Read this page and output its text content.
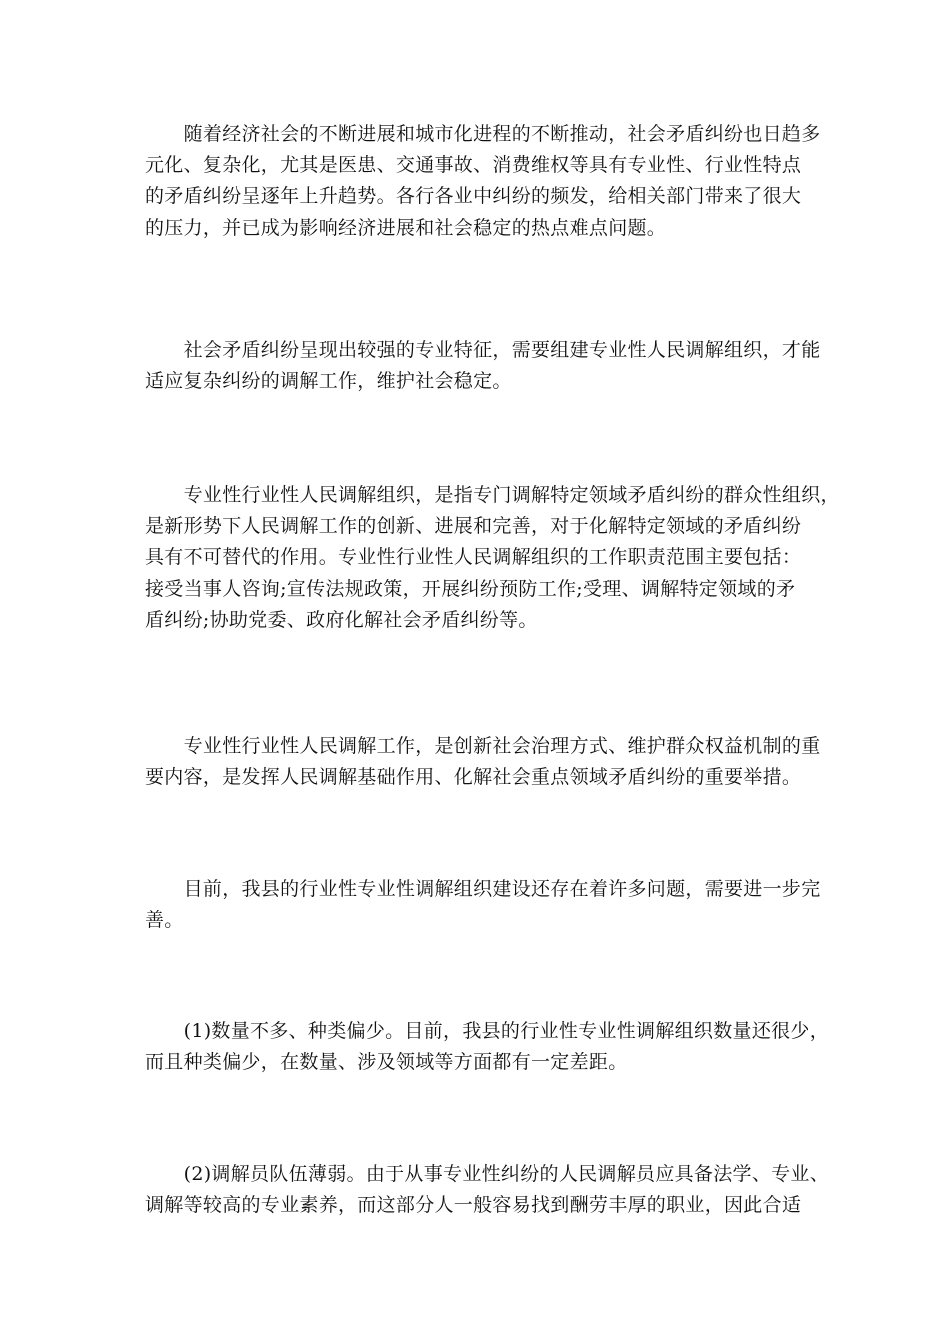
　　随着经济社会的不断进展和城市化进程的不断推动，社会矛盾纠纷也日趋多
元化、复杂化，尤其是医患、交通事故、消费维权等具有专业性、行业性特点
的矛盾纠纷呈逐年上升趋势。各行各业中纠纷的频发，给相关部门带来了很大
的压力，并已成为影响经济进展和社会稳定的热点难点问题。
　　社会矛盾纠纷呈现出较强的专业特征，需要组建专业性人民调解组织，才能
适应复杂纠纷的调解工作，维护社会稳定。
　　专业性行业性人民调解组织，是指专门调解特定领域矛盾纠纷的群众性组织，
是新形势下人民调解工作的创新、进展和完善，对于化解特定领域的矛盾纠纷
具有不可替代的作用。专业性行业性人民调解组织的工作职责范围主要包括：
接受当事人咨询;宣传法规政策，开展纠纷预防工作;受理、调解特定领域的矛
盾纠纷;协助党委、政府化解社会矛盾纠纷等。
　　专业性行业性人民调解工作，是创新社会治理方式、维护群众权益机制的重
要内容，是发挥人民调解基础作用、化解社会重点领域矛盾纠纷的重要举措。
　　目前，我县的行业性专业性调解组织建设还存在着许多问题，需要进一步完
善。
　　(1)数量不多、种类偏少。目前，我县的行业性专业性调解组织数量还很少，
而且种类偏少，在数量、涉及领域等方面都有一定差距。
　　(2)调解员队伍薄弱。由于从事专业性纠纷的人民调解员应具备法学、专业、
调解等较高的专业素养，而这部分人一般容易找到酬劳丰厚的职业，因此合适
